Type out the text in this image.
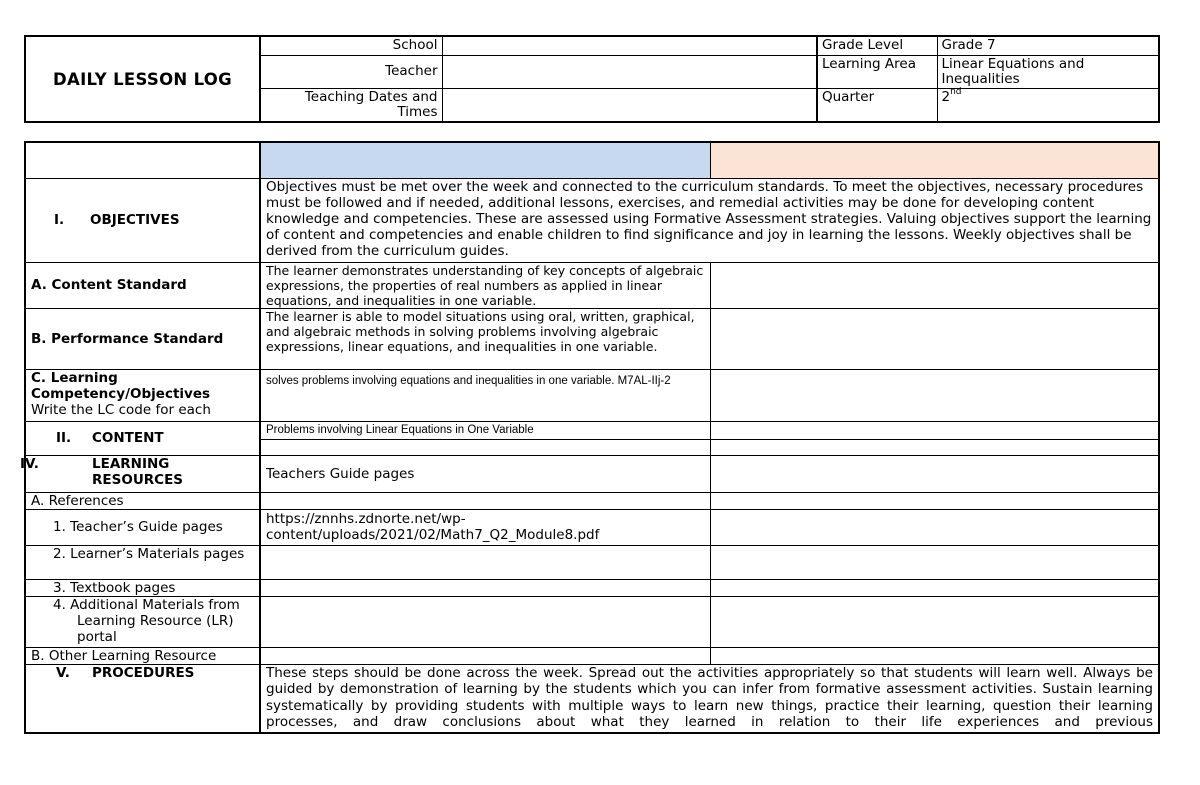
DAILY LESSON LOG	School		Grade Level	Grade 7
	Teacher		Learning Area	Linear Equations and Inequalities
	Teaching Dates and Times		Quarter	2nd

I. OBJECTIVES	Objectives must be met over the week and connected to the curriculum standards. To meet the objectives, necessary procedures must be followed and if needed, additional lessons, exercises, and remedial activities may be done for developing content knowledge and competencies. These are assessed using Formative Assessment strategies. Valuing objectives support the learning of content and competencies and enable children to find significance and joy in learning the lessons. Weekly objectives shall be derived from the curriculum guides.	
A. Content Standard	The learner demonstrates understanding of key concepts of algebraic expressions, the properties of real numbers as applied in linear equations, and inequalities in one variable.	
B. Performance Standard	The learner is able to model situations using oral, written, graphical, and algebraic methods in solving problems involving algebraic expressions, linear equations, and inequalities in one variable.	

C. Learning Competency/Objectives
Write the LC code for each	solves problems involving equations and inequalities in one variable. M7AL-IIj-2	
II. CONTENT	Problems involving Linear Equations in One Variable	

IV. LEARNING RESOURCES	Teachers Guide pages	
A. References		
1. Teacher’s Guide pages	https://znnhs.zdnorte.net/wp-content/uploads/2021/02/Math7_Q2_Module8.pdf	

2. Learner’s Materials pages		

3. Textbook pages		

4. Additional Materials from Learning Resource (LR) portal		

B. Other Learning Resource		
V. PROCEDURES	These steps should be done across the week. Spread out the activities appropriately so that students will learn well. Always be guided by demonstration of learning by the students which you can infer from formative assessment activities. Sustain learning systematically by providing students with multiple ways to learn new things, practice their learning, question their learning processes, and draw conclusions about what they learned in relation to their life experiences and previous	
